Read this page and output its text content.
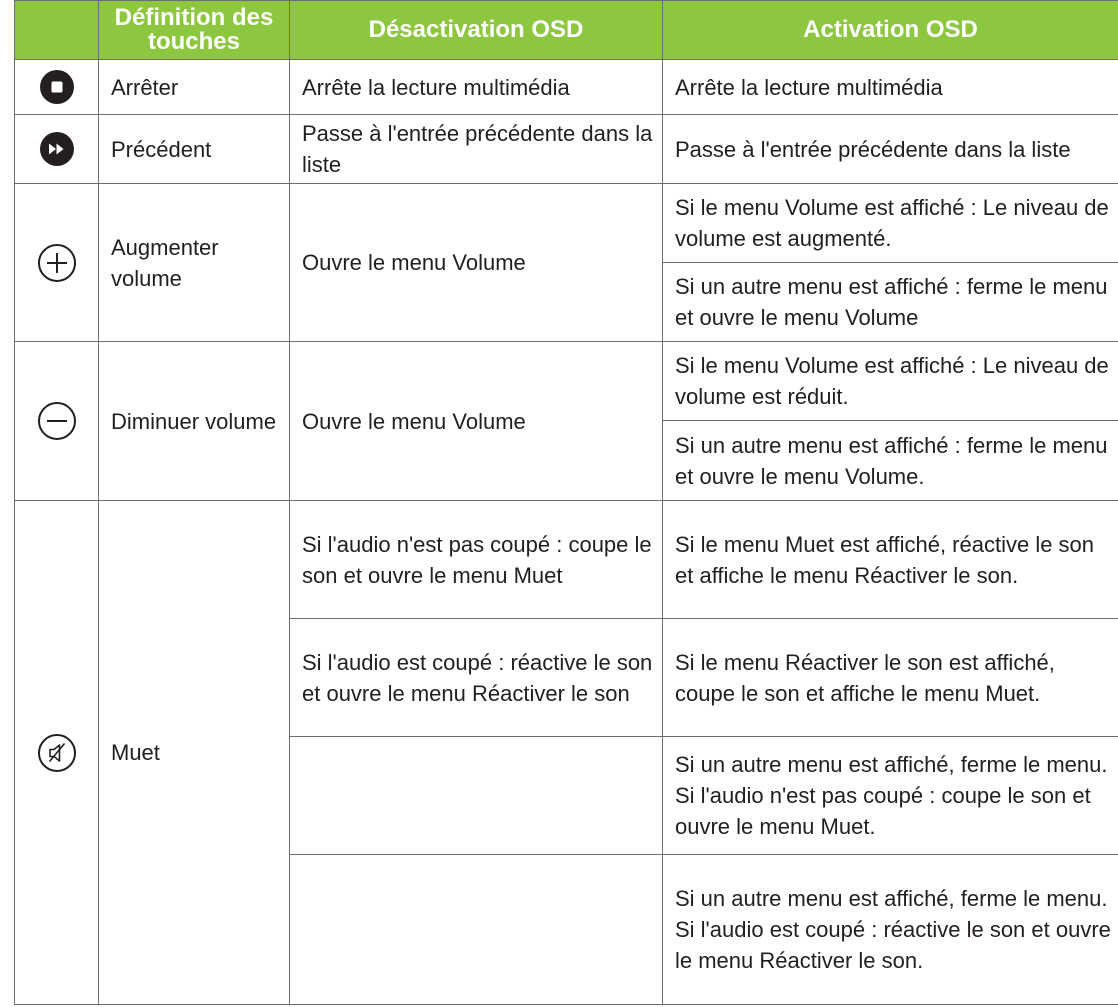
	Définition des touches	Désactivation OSD	Activation OSD

	Arrêter	Arrête la lecture multimédia	Arrête la lecture multimédia

	Précédent	Passe à l'entrée précédente dans la liste	Passe à l'entrée précédente dans la liste

	Augmenter volume	Ouvre le menu Volume	Si le menu Volume est affiché : Le niveau de volume est augmenté.
			Si un autre menu est affiché : ferme le menu et ouvre le menu Volume

	Diminuer volume	Ouvre le menu Volume	Si le menu Volume est affiché : Le niveau de volume est réduit.
			Si un autre menu est affiché : ferme le menu et ouvre le menu Volume.

	Muet	Si l'audio n'est pas coupé : coupe le son et ouvre le menu Muet	Si le menu Muet est affiché, réactive le son et affiche le menu Réactiver le son.
		Si l'audio est coupé : réactive le son et ouvre le menu Réactiver le son	Si le menu Réactiver le son est affiché, coupe le son et affiche le menu Muet.
			Si un autre menu est affiché, ferme le menu. Si l'audio n'est pas coupé : coupe le son et ouvre le menu Muet.
			Si un autre menu est affiché, ferme le menu. Si l'audio est coupé : réactive le son et ouvre le menu Réactiver le son.
